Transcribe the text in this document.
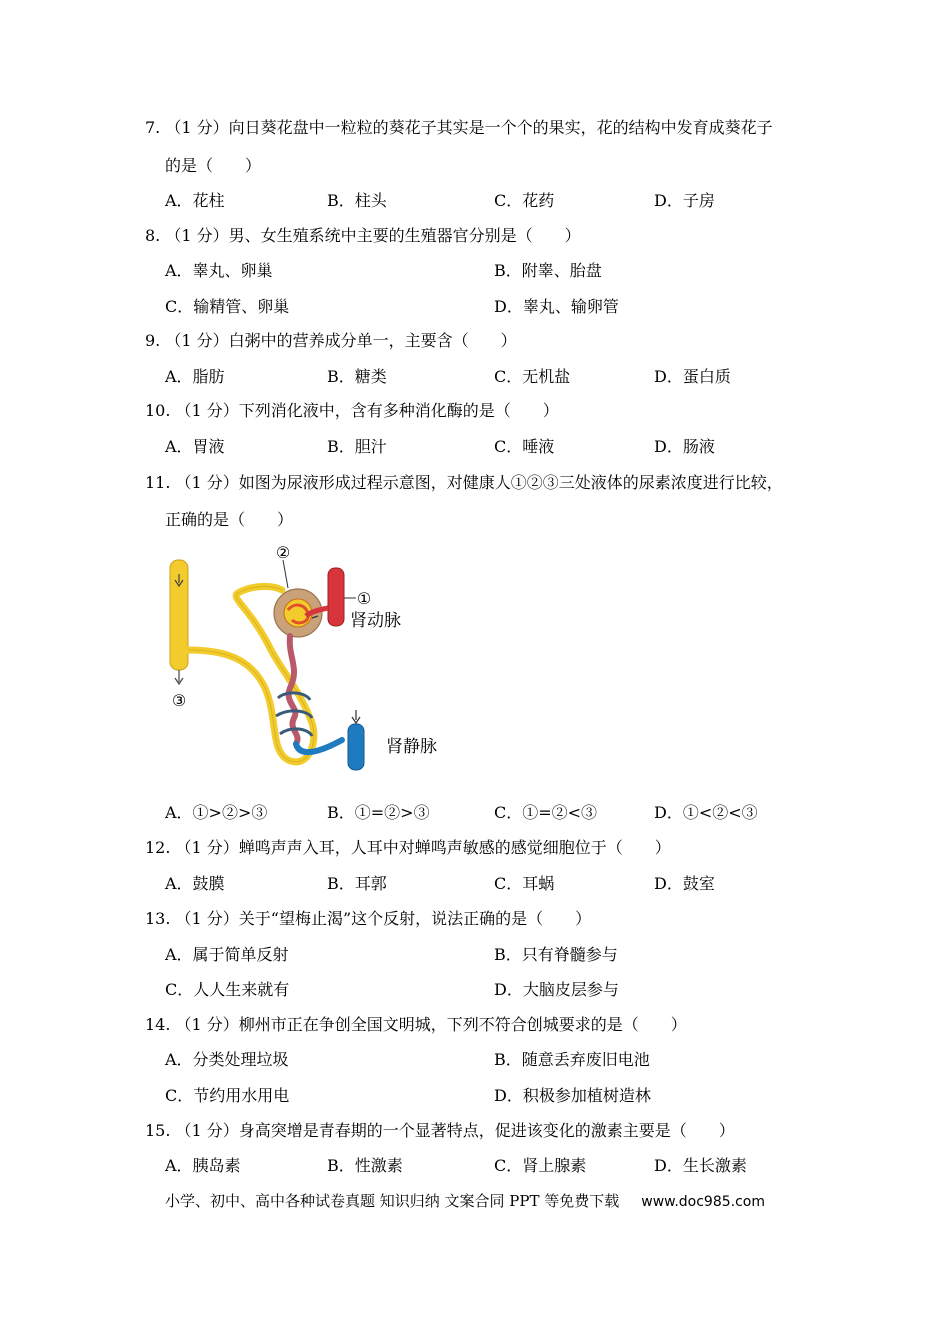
7. （1 分）向日葵花盘中一粒粒的葵花子其实是一个个的果实，花的结构中发育成葵花子
的是（　　）
A．花柱	B．柱头	C．花药	D．子房
8. （1 分）男、女生殖系统中主要的生殖器官分别是（　　）
A．睾丸、卵巢	B．附睾、胎盘
C．输精管、卵巢	D．睾丸、输卵管
9. （1 分）白粥中的营养成分单一，主要含（　　）
A．脂肪	B．糖类	C．无机盐	D．蛋白质
10. （1 分）下列消化液中，含有多种消化酶的是（　　）
A．胃液	B．胆汁	C．唾液	D．肠液
11. （1 分）如图为尿液形成过程示意图，对健康人①②③三处液体的尿素浓度进行比较，
正确的是（　　）
②
①
③
肾动脉
肾静脉
A．①>②>③	B．①=②>③	C．①=②<③	D．①<②<③
12. （1 分）蝉鸣声声入耳，人耳中对蝉鸣声敏感的感觉细胞位于（　　）
A．鼓膜	B．耳郭	C．耳蜗	D．鼓室
13. （1 分）关于“望梅止渴”这个反射，说法正确的是（　　）
A．属于简单反射	B．只有脊髓参与
C．人人生来就有	D．大脑皮层参与
14. （1 分）柳州市正在争创全国文明城，下列不符合创城要求的是（　　）
A．分类处理垃圾	B．随意丢弃废旧电池
C．节约用水用电	D．积极参加植树造林
15. （1 分）身高突增是青春期的一个显著特点，促进该变化的激素主要是（　　）
A．胰岛素	B．性激素	C．肾上腺素	D．生长激素
小学、初中、高中各种试卷真题 知识归纳 文案合同 PPT 等免费下载 www.doc985.com
